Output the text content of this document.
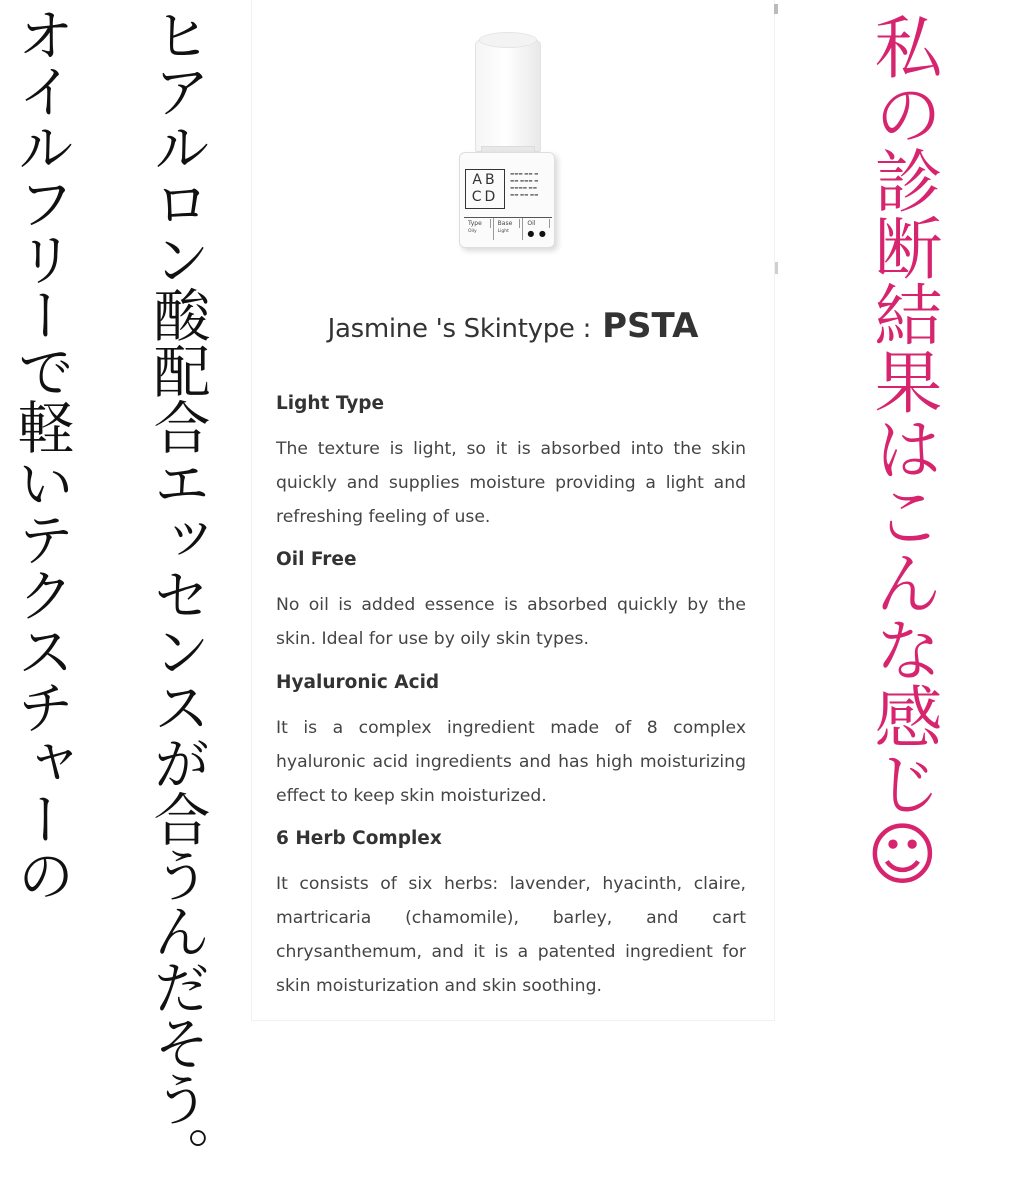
オイルフリーで軽いテクスチャーの ヒアルロン酸配合エッセンスが合うんだそう。	私の診断結果はこんな感じ☺
AB
CD
▬▬▬ ▬▬ ▬
▬▬ ▬▬▬ ▬
▬▬▬▬ ▬▬
▬▬ ▬▬ ▬▬
Type
Oily
Base
Light
Oil
● ●
Jasmine 's Skintype : PSTA
Light Type
The texture is light, so it is absorbed into the skin quickly and supplies moisture providing a light and refreshing feeling of use.
Oil Free
No oil is added essence is absorbed quickly by the skin. Ideal for use by oily skin types.
Hyaluronic Acid
It is a complex ingredient made of 8 complex hyaluronic acid ingredients and has high moisturizing effect to keep skin moisturized.
6 Herb Complex
It consists of six herbs: lavender, hyacinth, claire, martricaria (chamomile), barley, and cart chrysanthemum, and it is a patented ingredient for skin moisturization and skin soothing.
